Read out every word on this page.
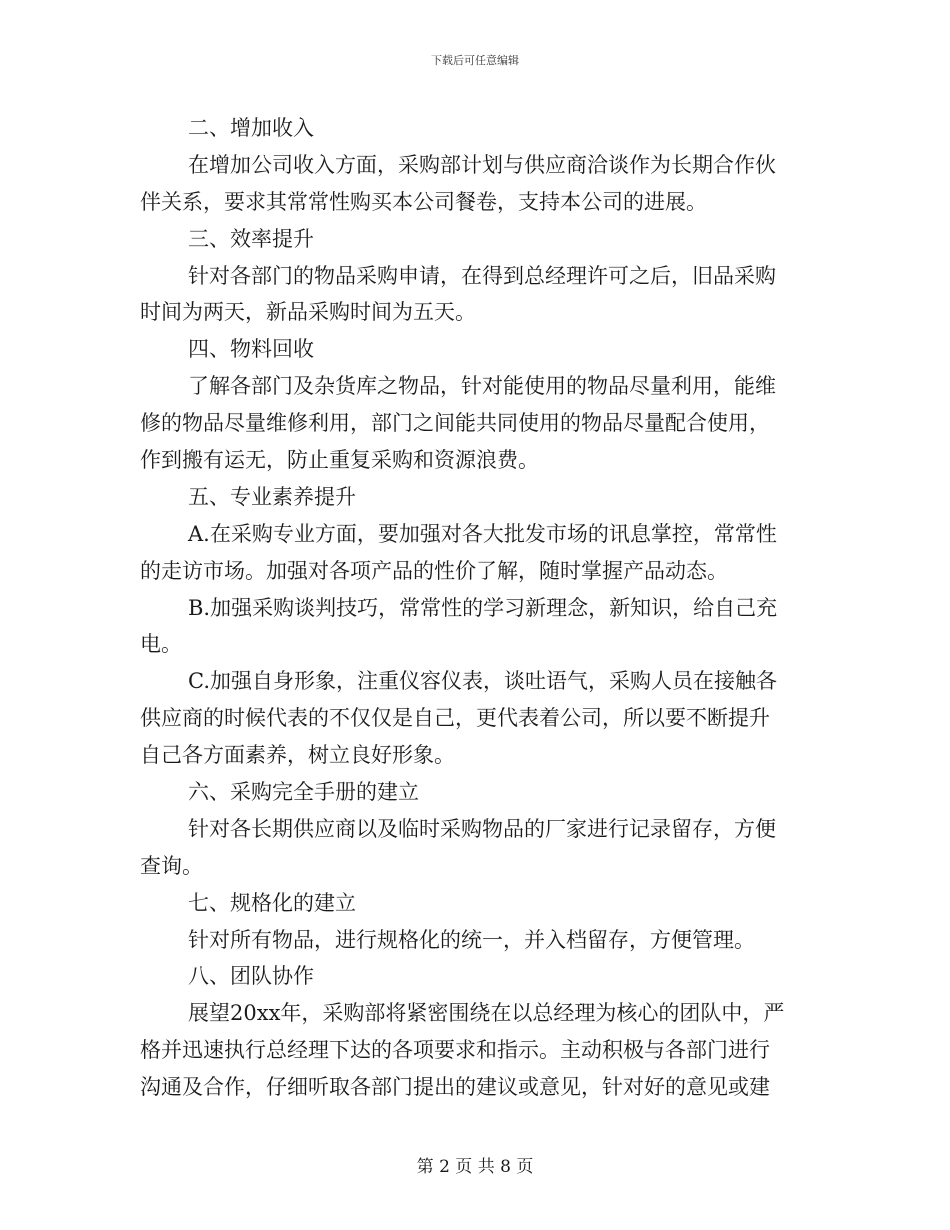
下载后可任意编辑
二、增加收入
在增加公司收入方面，采购部计划与供应商洽谈作为长期合作伙
伴关系，要求其常常性购买本公司餐卷，支持本公司的进展。
三、效率提升
针对各部门的物品采购申请，在得到总经理许可之后，旧品采购
时间为两天，新品采购时间为五天。
四、物料回收
了解各部门及杂货库之物品，针对能使用的物品尽量利用，能维
修的物品尽量维修利用，部门之间能共同使用的物品尽量配合使用，
作到搬有运无，防止重复采购和资源浪费。
五、专业素养提升
A.在采购专业方面，要加强对各大批发市场的讯息掌控，常常性
的走访市场。加强对各项产品的性价了解，随时掌握产品动态。
B.加强采购谈判技巧，常常性的学习新理念，新知识，给自己充
电。
C.加强自身形象，注重仪容仪表，谈吐语气，采购人员在接触各
供应商的时候代表的不仅仅是自己，更代表着公司，所以要不断提升
自己各方面素养，树立良好形象。
六、采购完全手册的建立
针对各长期供应商以及临时采购物品的厂家进行记录留存，方便
查询。
七、规格化的建立
针对所有物品，进行规格化的统一，并入档留存，方便管理。
八、团队协作
展望20xx年，采购部将紧密围绕在以总经理为核心的团队中，严
格并迅速执行总经理下达的各项要求和指示。主动积极与各部门进行
沟通及合作，仔细听取各部门提出的建议或意见，针对好的意见或建
第 2 页 共 8 页
